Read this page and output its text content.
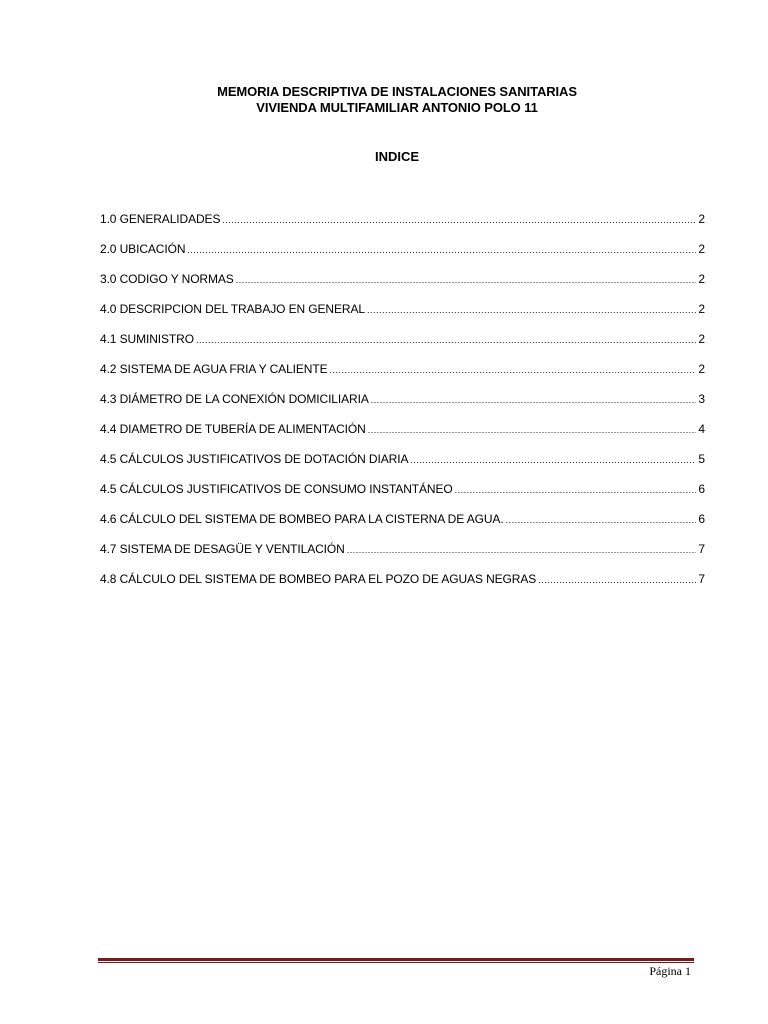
MEMORIA DESCRIPTIVA DE INSTALACIONES SANITARIAS
VIVIENDA MULTIFAMILIAR ANTONIO POLO 11
INDICE
1.0 GENERALIDADES .....	2
2.0 UBICACIÓN .....	2
3.0 CODIGO Y NORMAS .....	2
4.0 DESCRIPCION DEL TRABAJO EN GENERAL .....	2
4.1 SUMINISTRO .....	2
4.2 SISTEMA DE AGUA FRIA Y CALIENTE .....	2
4.3 DIÁMETRO DE LA CONEXIÓN DOMICILIARIA .....	3
4.4 DIAMETRO DE TUBERÍA DE ALIMENTACIÓN .....	4
4.5 CÁLCULOS JUSTIFICATIVOS DE DOTACIÓN DIARIA .....	5
4.5 CÁLCULOS JUSTIFICATIVOS DE CONSUMO INSTANTÁNEO .....	6
4.6 CÁLCULO DEL SISTEMA DE BOMBEO PARA LA CISTERNA DE AGUA. .....	6
4.7 SISTEMA DE DESAGÜE Y VENTILACIÓN .....	7
4.8 CÁLCULO DEL SISTEMA DE BOMBEO PARA EL POZO DE AGUAS NEGRAS .....	7
Página 1
